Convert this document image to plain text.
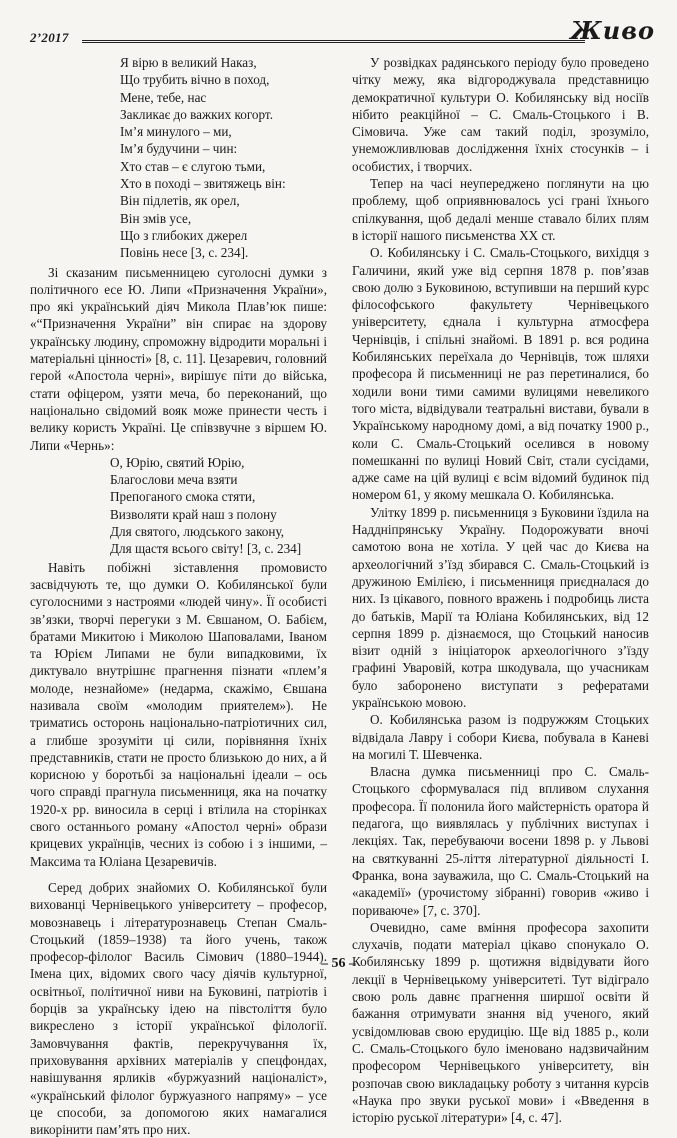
2’2017	Живо
Я вірю в великий Наказ,
Що трубить вічно в поход,
Мене, тебе, нас
Закликає до важких когорт.
Ім’я минулого – ми,
Ім’я будучини – чин:
Хто став – є слугою тьми,
Хто в поході – звитяжець він:
Він підлетів, як орел,
Він змів усе,
Що з глибоких джерел
Повінь несе [3, с. 234].

Зі сказаним письменницею суголосні думки з політичного есе Ю. Липи «Призначення України», про які український діяч Микола Плав’юк пише: «“Призначення України” він спирає на здорову українську людину, спроможну відродити моральні і матеріальні цінності» [8, с. 11]. Цезаревич, головний герой «Апостола черні», вирішує піти до війська, стати офіцером, узяти меча, бо переконаний, що національно свідомий вояк може принести честь і велику користь Україні. Це співзвучне з віршем Ю. Липи «Чернь»:

О, Юрію, святий Юрію,
Благослови меча взяти
Препоганого смока стяти,
Визволяти край наш з полону
Для святого, людського закону,
Для щастя всього світу! [3, с. 234]

Навіть побіжні зіставлення промовисто засвідчують те, що думки О. Кобилянської були суголосними з настроями «людей чину». Її особисті зв’язки, творчі перегуки з М. Євшаном, О. Бабієм, братами Микитою і Миколою Шаповалами, Іваном та Юрієм Липами не були випадковими, їх диктувало внутрішнє прагнення пізнати «плем’я молоде, незнайоме» (недарма, скажімо, Євшана називала своїм «молодим приятелем»). Не триматись осторонь національно-патріотичних сил, а глибше зрозуміти ці сили, порівняння їхніх представників, стати не просто близькою до них, а й корисною у боротьбі за національні ідеали – ось чого справді прагнула письменниця, яка на початку 1920-х рр. виносила в серці і втілила на сторінках свого останнього роману «Апостол черні» образи крицевих українців, чесних із собою і з іншими, – Максима та Юліана Цезаревичів.

Серед добрих знайомих О. Кобилянської були вихованці Чернівецького університету – професор, мовознавець і літературознавець Степан Смаль-Стоцький (1859–1938) та його учень, також професор-філолог Василь Сімович (1880–1944). Імена цих, відомих свого часу діячів культурної, освітньої, політичної ниви на Буковині, патріотів і борців за українську ідею на півстоліття було викреслено з історії української філології. Замовчування фактів, перекручування їх, приховування архівних матеріалів у спецфондах, навішування ярликів «буржуазний націоналіст», «український філолог буржуазного напряму» – усе це способи, за допомогою яких намагалися викорінити пам’ять про них.

У розвідках радянського періоду було проведено чітку межу, яка відгороджувала представницю демократичної культури О. Кобилянську від носіїв нібито реакційної – С. Смаль-Стоцького і В. Сімовича. Уже сам такий поділ, зрозуміло, унеможливлював дослідження їхніх стосунків – і особистих, і творчих.

Тепер на часі неупереджено поглянути на цю проблему, щоб оприявнювалось усі грані їхнього спілкування, щоб дедалі менше ставало білих плям в історії нашого письменства XX ст.

О. Кобилянську і С. Смаль-Стоцького, вихідця з Галичини, який уже від серпня 1878 р. пов’язав свою долю з Буковиною, вступивши на перший курс філософського факультету Чернівецького університету, єднала і культурна атмосфера Чернівців, і спільні знайомі. В 1891 р. вся родина Кобилянських переїхала до Чернівців, тож шляхи професора й письменниці не раз перетиналися, бо ходили вони тими самими вулицями невеликого того міста, відвідували театральні вистави, бували в Українському народному домі, а від початку 1900 р., коли С. Смаль-Стоцький оселився в новому помешканні по вулиці Новий Світ, стали сусідами, адже саме на цій вулиці є всім відомий будинок під номером 61, у якому мешкала О. Кобилянська.

Улітку 1899 р. письменниця з Буковини їздила на Наддніпрянську Україну. Подорожувати вночі самотою вона не хотіла. У цей час до Києва на археологічний з’їзд збирався С. Смаль-Стоцький із дружиною Емілією, і письменниця приєдналася до них. Із цікавого, повного вражень і подробиць листа до батьків, Марії та Юліана Кобилянських, від 12 серпня 1899 р. дізнаємося, що Стоцький наносив візит одній з ініціаторок археологічного з’їзду графині Уваровій, котра шкодувала, що учасникам було заборонено виступати з рефератами українською мовою.

О. Кобилянська разом із подружжям Стоцьких відвідала Лавру і собори Києва, побувала в Каневі на могилі Т. Шевченка.

Власна думка письменниці про С. Смаль-Стоцького сформувалася під впливом слухання професора. Її полонила його майстерність оратора й педагога, що виявлялась у публічних виступах і лекціях. Так, перебуваючи восени 1898 р. у Львові на святкуванні 25-ліття літературної діяльності І. Франка, вона зауважила, що С. Смаль-Стоцький на «академії» (урочистому зібранні) говорив «живо і пориваюче» [7, с. 370].

Очевидно, саме вміння професора захопити слухачів, подати матеріал цікаво спонукало О. Кобилянську 1899 р. щотижня відвідувати його лекції в Чернівецькому університеті. Тут відіграло свою роль давнє прагнення ширшої освіти й бажання отримувати знання від ученого, який усвідомлював свою ерудицію. Ще від 1885 р., коли С. Смаль-Стоцького було іменовано надзвичайним професором Чернівецького університету, він розпочав свою викладацьку роботу з читання курсів «Наука про звуки руської мови» і «Введення в історію руської літератури» [4, с. 47].

– 56 –
